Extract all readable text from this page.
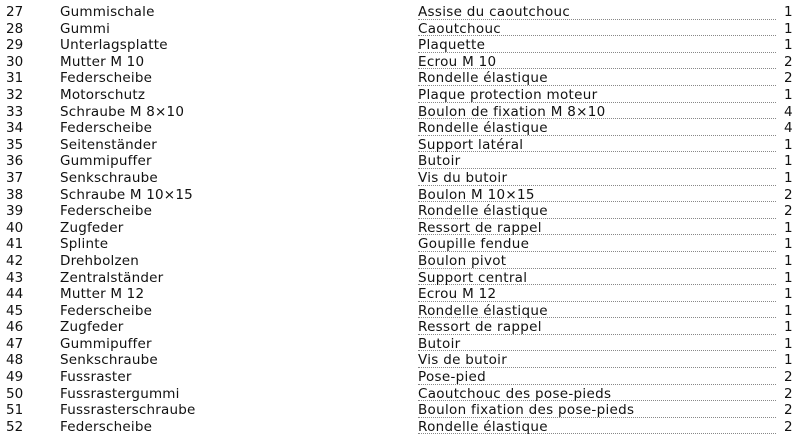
27	Gummischale	Assise du caoutchouc	1
28	Gummi	Caoutchouc	1
29	Unterlagsplatte	Plaquette	1
30	Mutter M 10	Ecrou M 10	2
31	Federscheibe	Rondelle élastique	2
32	Motorschutz	Plaque protection moteur	1
33	Schraube M 8×10	Boulon de fixation M 8×10	4
34	Federscheibe	Rondelle élastique	4
35	Seitenständer	Support latéral	1
36	Gummipuffer	Butoir	1
37	Senkschraube	Vis du butoir	1
38	Schraube M 10×15	Boulon M 10×15	2
39	Federscheibe	Rondelle élastique	2
40	Zugfeder	Ressort de rappel	1
41	Splinte	Goupille fendue	1
42	Drehbolzen	Boulon pivot	1
43	Zentralständer	Support central	1
44	Mutter M 12	Ecrou M 12	1
45	Federscheibe	Rondelle élastique	1
46	Zugfeder	Ressort de rappel	1
47	Gummipuffer	Butoir	1
48	Senkschraube	Vis de butoir	1
49	Fussraster	Pose-pied	2
50	Fussrastergummi	Caoutchouc des pose-pieds	2
51	Fussrasterschraube	Boulon fixation des pose-pieds	2
52	Federscheibe	Rondelle élastique	2
